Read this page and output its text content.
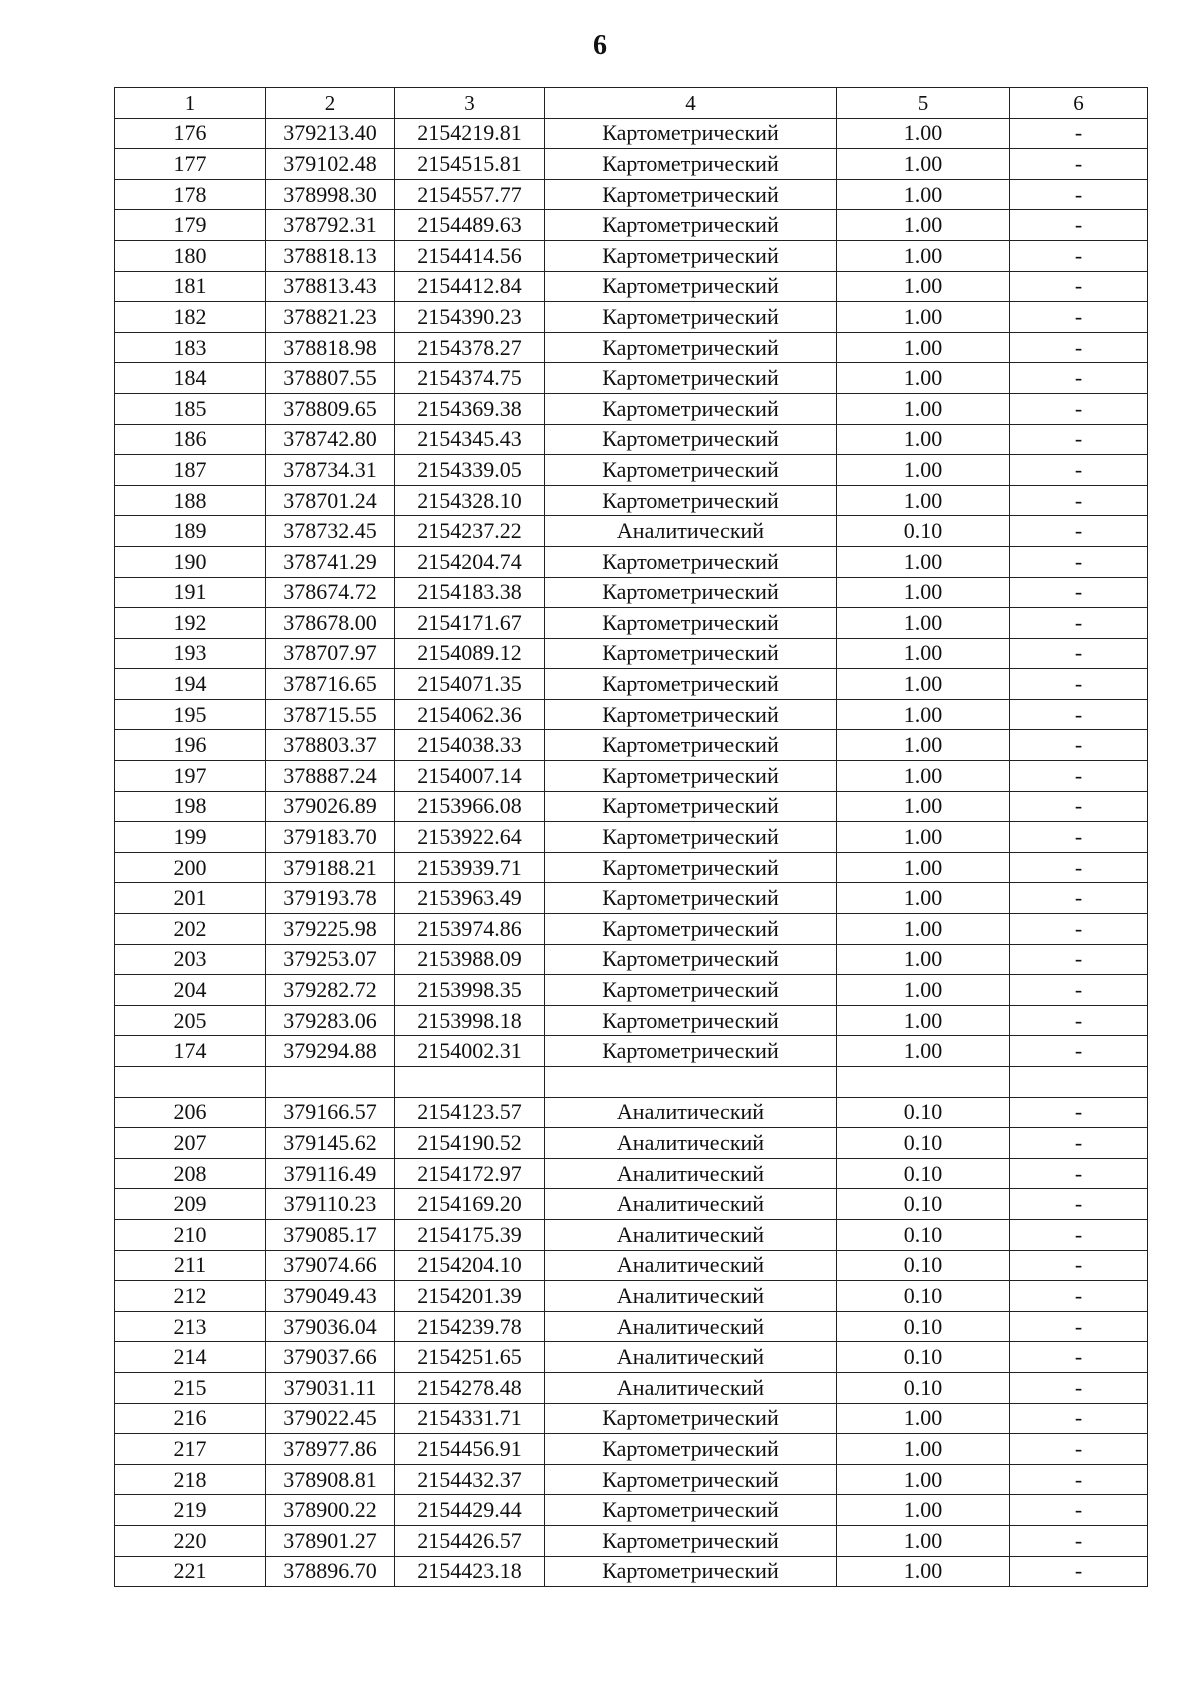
6
1	2	3	4	5	6
176	379213.40	2154219.81	Картометрический	1.00	-
177	379102.48	2154515.81	Картометрический	1.00	-
178	378998.30	2154557.77	Картометрический	1.00	-
179	378792.31	2154489.63	Картометрический	1.00	-
180	378818.13	2154414.56	Картометрический	1.00	-
181	378813.43	2154412.84	Картометрический	1.00	-
182	378821.23	2154390.23	Картометрический	1.00	-
183	378818.98	2154378.27	Картометрический	1.00	-
184	378807.55	2154374.75	Картометрический	1.00	-
185	378809.65	2154369.38	Картометрический	1.00	-
186	378742.80	2154345.43	Картометрический	1.00	-
187	378734.31	2154339.05	Картометрический	1.00	-
188	378701.24	2154328.10	Картометрический	1.00	-
189	378732.45	2154237.22	Аналитический	0.10	-
190	378741.29	2154204.74	Картометрический	1.00	-
191	378674.72	2154183.38	Картометрический	1.00	-
192	378678.00	2154171.67	Картометрический	1.00	-
193	378707.97	2154089.12	Картометрический	1.00	-
194	378716.65	2154071.35	Картометрический	1.00	-
195	378715.55	2154062.36	Картометрический	1.00	-
196	378803.37	2154038.33	Картометрический	1.00	-
197	378887.24	2154007.14	Картометрический	1.00	-
198	379026.89	2153966.08	Картометрический	1.00	-
199	379183.70	2153922.64	Картометрический	1.00	-
200	379188.21	2153939.71	Картометрический	1.00	-
201	379193.78	2153963.49	Картометрический	1.00	-
202	379225.98	2153974.86	Картометрический	1.00	-
203	379253.07	2153988.09	Картометрический	1.00	-
204	379282.72	2153998.35	Картометрический	1.00	-
205	379283.06	2153998.18	Картометрический	1.00	-
174	379294.88	2154002.31	Картометрический	1.00	-

206	379166.57	2154123.57	Аналитический	0.10	-
207	379145.62	2154190.52	Аналитический	0.10	-
208	379116.49	2154172.97	Аналитический	0.10	-
209	379110.23	2154169.20	Аналитический	0.10	-
210	379085.17	2154175.39	Аналитический	0.10	-
211	379074.66	2154204.10	Аналитический	0.10	-
212	379049.43	2154201.39	Аналитический	0.10	-
213	379036.04	2154239.78	Аналитический	0.10	-
214	379037.66	2154251.65	Аналитический	0.10	-
215	379031.11	2154278.48	Аналитический	0.10	-
216	379022.45	2154331.71	Картометрический	1.00	-
217	378977.86	2154456.91	Картометрический	1.00	-
218	378908.81	2154432.37	Картометрический	1.00	-
219	378900.22	2154429.44	Картометрический	1.00	-
220	378901.27	2154426.57	Картометрический	1.00	-
221	378896.70	2154423.18	Картометрический	1.00	-
